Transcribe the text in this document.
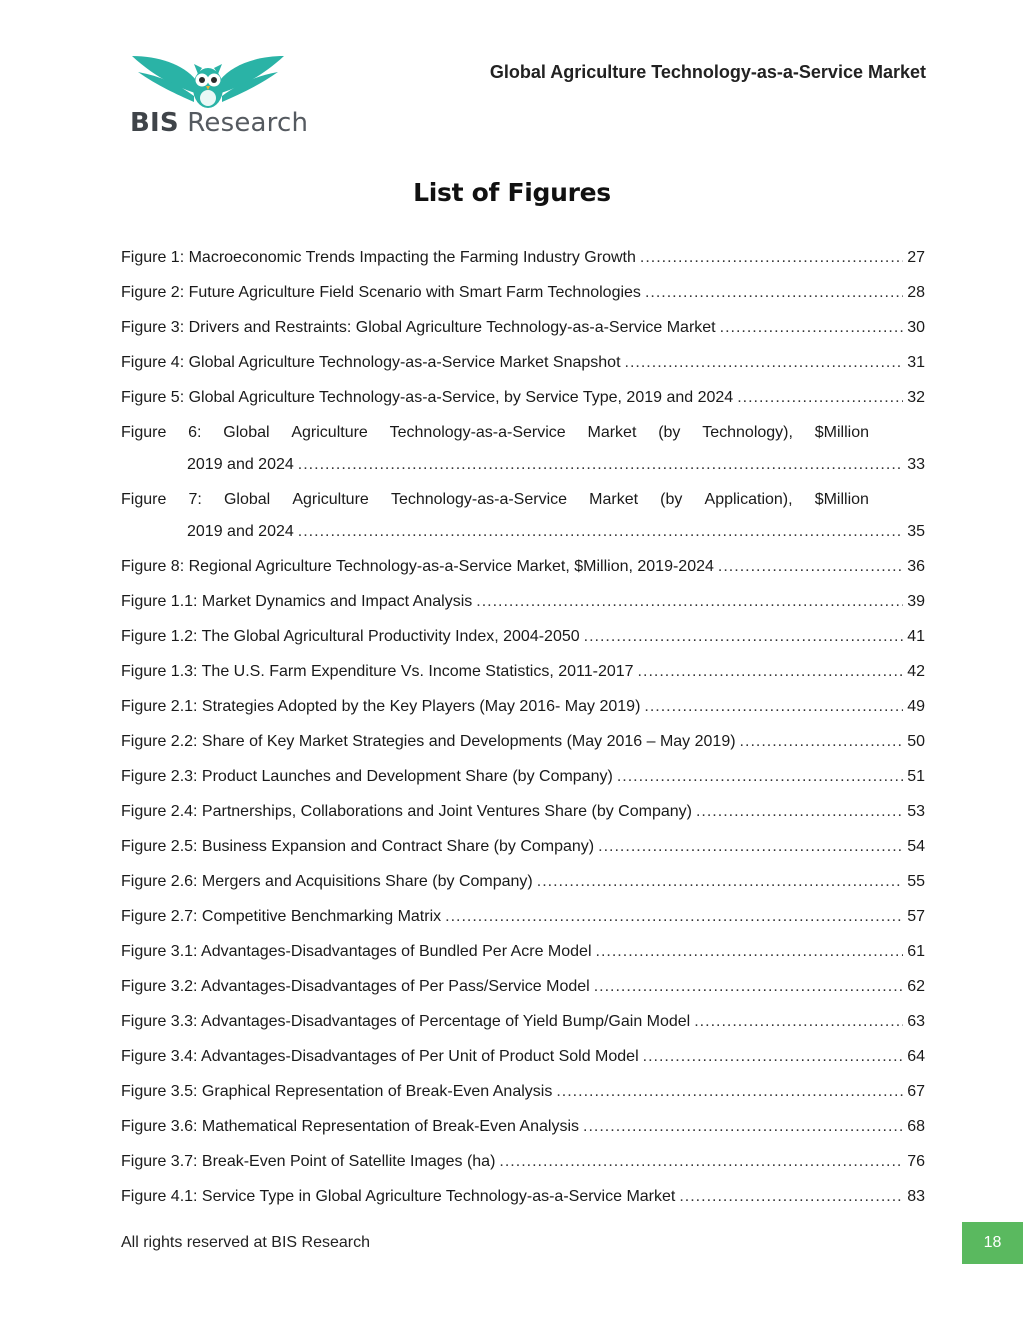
BIS Research
Global Agriculture Technology-as-a-Service Market
List of Figures
Figure 1: Macroeconomic Trends Impacting the Farming Industry Growth .....	27
Figure 2: Future Agriculture Field Scenario with Smart Farm Technologies .....	28
Figure 3: Drivers and Restraints: Global Agriculture Technology-as-a-Service Market .....	30
Figure 4: Global Agriculture Technology-as-a-Service Market Snapshot .....	31
Figure 5: Global Agriculture Technology-as-a-Service, by Service Type, 2019 and 2024 .....	32
Figure 6: Global Agriculture Technology-as-a-Service Market (by Technology), $Million
2019 and 2024 .....	33
Figure 7: Global Agriculture Technology-as-a-Service Market (by Application), $Million
2019 and 2024 .....	35
Figure 8: Regional Agriculture Technology-as-a-Service Market, $Million, 2019-2024 .....	36
Figure 1.1: Market Dynamics and Impact Analysis .....	39
Figure 1.2: The Global Agricultural Productivity Index, 2004-2050 .....	41
Figure 1.3: The U.S. Farm Expenditure Vs. Income Statistics, 2011-2017 .....	42
Figure 2.1: Strategies Adopted by the Key Players (May 2016- May 2019) .....	49
Figure 2.2: Share of Key Market Strategies and Developments (May 2016 – May 2019) .....	50
Figure 2.3: Product Launches and Development Share (by Company) .....	51
Figure 2.4: Partnerships, Collaborations and Joint Ventures Share (by Company) .....	53
Figure 2.5: Business Expansion and Contract Share (by Company) .....	54
Figure 2.6: Mergers and Acquisitions Share (by Company) .....	55
Figure 2.7: Competitive Benchmarking Matrix .....	57
Figure 3.1: Advantages-Disadvantages of Bundled Per Acre Model .....	61
Figure 3.2: Advantages-Disadvantages of Per Pass/Service Model .....	62
Figure 3.3: Advantages-Disadvantages of Percentage of Yield Bump/Gain Model .....	63
Figure 3.4: Advantages-Disadvantages of Per Unit of Product Sold Model .....	64
Figure 3.5: Graphical Representation of Break-Even Analysis .....	67
Figure 3.6: Mathematical Representation of Break-Even Analysis .....	68
Figure 3.7: Break-Even Point of Satellite Images (ha) .....	76
Figure 4.1: Service Type in Global Agriculture Technology-as-a-Service Market .....	83
All rights reserved at BIS Research	18
